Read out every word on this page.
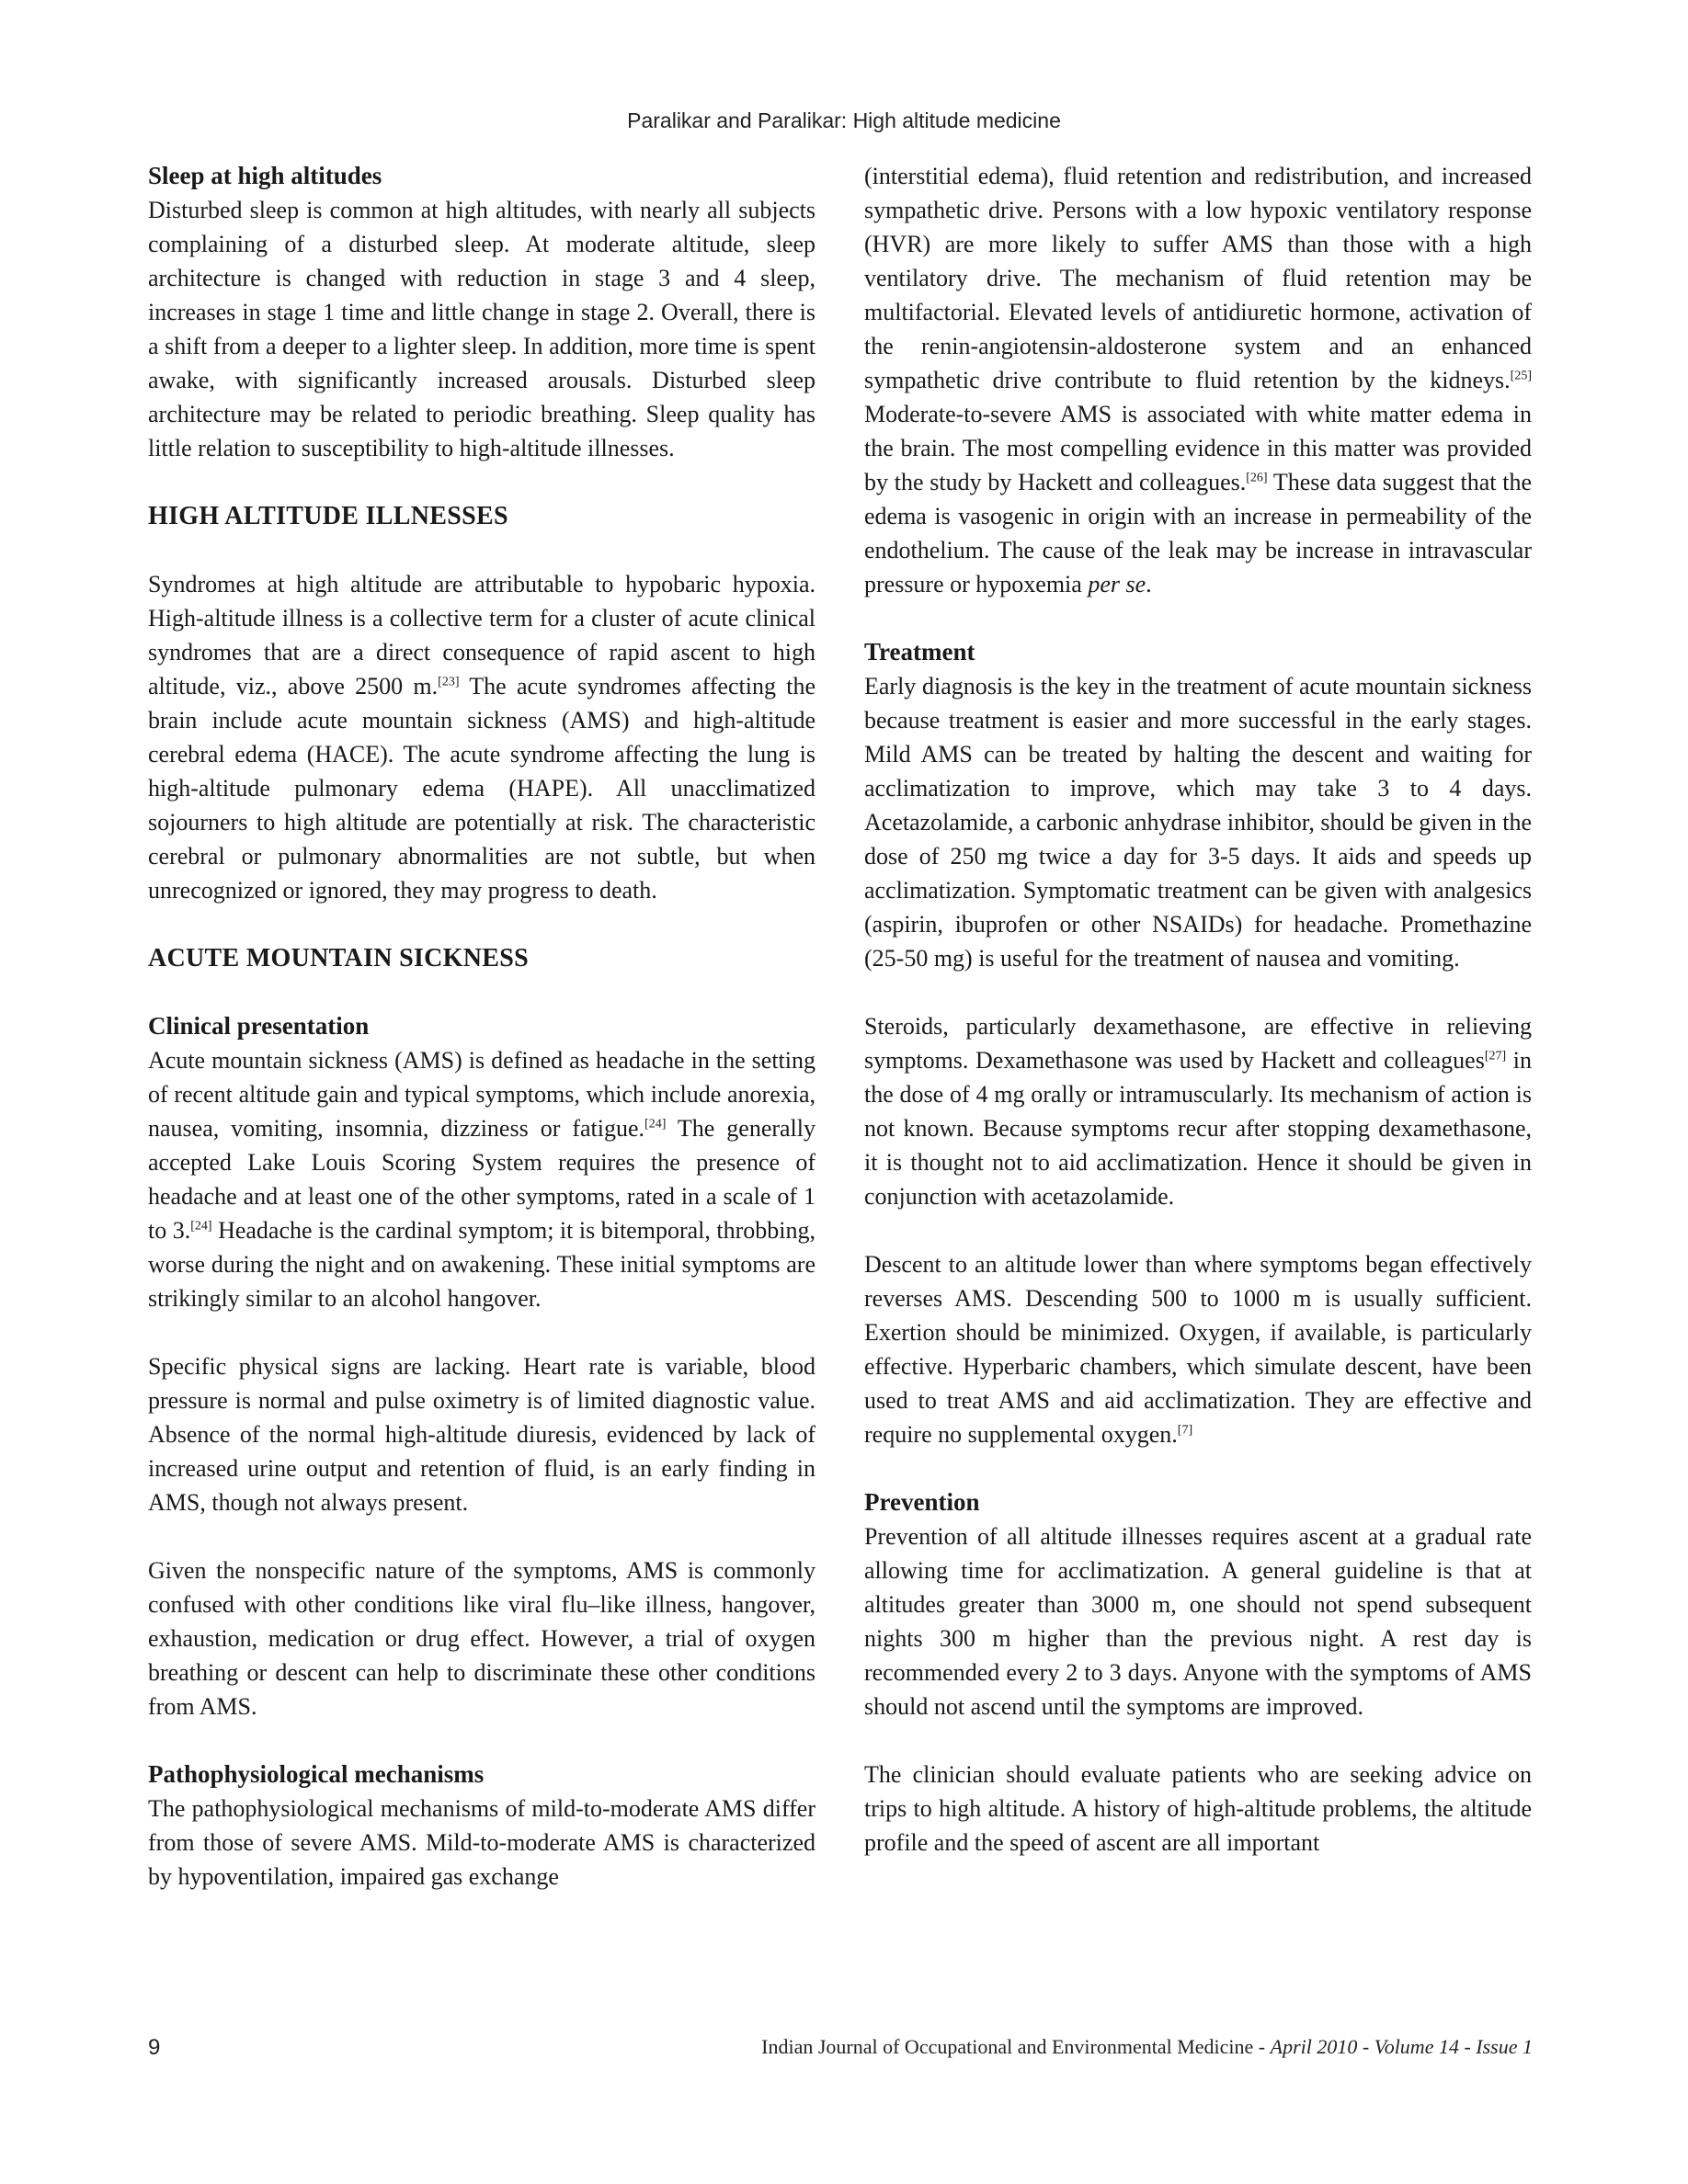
Paralikar and Paralikar: High altitude medicine
Sleep at high altitudes

Disturbed sleep is common at high altitudes, with nearly all subjects complaining of a disturbed sleep. At moderate altitude, sleep architecture is changed with reduction in stage 3 and 4 sleep, increases in stage 1 time and little change in stage 2. Overall, there is a shift from a deeper to a lighter sleep. In addition, more time is spent awake, with significantly increased arousals. Disturbed sleep architecture may be related to periodic breathing. Sleep quality has little relation to susceptibility to high-altitude illnesses.

HIGH ALTITUDE ILLNESSES

Syndromes at high altitude are attributable to hypobaric hypoxia. High-altitude illness is a collective term for a cluster of acute clinical syndromes that are a direct consequence of rapid ascent to high altitude, viz., above 2500 m.[23] The acute syndromes affecting the brain include acute mountain sickness (AMS) and high-altitude cerebral edema (HACE). The acute syndrome affecting the lung is high-altitude pulmonary edema (HAPE). All unacclimatized sojourners to high altitude are potentially at risk. The characteristic cerebral or pulmonary abnormalities are not subtle, but when unrecognized or ignored, they may progress to death.

ACUTE MOUNTAIN SICKNESS
Clinical presentation

Acute mountain sickness (AMS) is defined as headache in the setting of recent altitude gain and typical symptoms, which include anorexia, nausea, vomiting, insomnia, dizziness or fatigue.[24] The generally accepted Lake Louis Scoring System requires the presence of headache and at least one of the other symptoms, rated in a scale of 1 to 3.[24] Headache is the cardinal symptom; it is bitemporal, throbbing, worse during the night and on awakening. These initial symptoms are strikingly similar to an alcohol hangover.

Specific physical signs are lacking. Heart rate is variable, blood pressure is normal and pulse oximetry is of limited diagnostic value. Absence of the normal high-altitude diuresis, evidenced by lack of increased urine output and retention of fluid, is an early finding in AMS, though not always present.

Given the nonspecific nature of the symptoms, AMS is commonly confused with other conditions like viral flu–like illness, hangover, exhaustion, medication or drug effect. However, a trial of oxygen breathing or descent can help to discriminate these other conditions from AMS.

Pathophysiological mechanisms

The pathophysiological mechanisms of mild-to-moderate AMS differ from those of severe AMS. Mild-to-moderate AMS is characterized by hypoventilation, impaired gas exchange

(interstitial edema), fluid retention and redistribution, and increased sympathetic drive. Persons with a low hypoxic ventilatory response (HVR) are more likely to suffer AMS than those with a high ventilatory drive. The mechanism of fluid retention may be multifactorial. Elevated levels of antidiuretic hormone, activation of the renin-angiotensin-aldosterone system and an enhanced sympathetic drive contribute to fluid retention by the kidneys.[25] Moderate-to-severe AMS is associated with white matter edema in the brain. The most compelling evidence in this matter was provided by the study by Hackett and colleagues.[26] These data suggest that the edema is vasogenic in origin with an increase in permeability of the endothelium. The cause of the leak may be increase in intravascular pressure or hypoxemia per se.

Treatment

Early diagnosis is the key in the treatment of acute mountain sickness because treatment is easier and more successful in the early stages. Mild AMS can be treated by halting the descent and waiting for acclimatization to improve, which may take 3 to 4 days. Acetazolamide, a carbonic anhydrase inhibitor, should be given in the dose of 250 mg twice a day for 3-5 days. It aids and speeds up acclimatization. Symptomatic treatment can be given with analgesics (aspirin, ibuprofen or other NSAIDs) for headache. Promethazine (25-50 mg) is useful for the treatment of nausea and vomiting.

Steroids, particularly dexamethasone, are effective in relieving symptoms. Dexamethasone was used by Hackett and colleagues[27] in the dose of 4 mg orally or intramuscularly. Its mechanism of action is not known. Because symptoms recur after stopping dexamethasone, it is thought not to aid acclimatization. Hence it should be given in conjunction with acetazolamide.

Descent to an altitude lower than where symptoms began effectively reverses AMS. Descending 500 to 1000 m is usually sufficient. Exertion should be minimized. Oxygen, if available, is particularly effective. Hyperbaric chambers, which simulate descent, have been used to treat AMS and aid acclimatization. They are effective and require no supplemental oxygen.[7]

Prevention

Prevention of all altitude illnesses requires ascent at a gradual rate allowing time for acclimatization. A general guideline is that at altitudes greater than 3000 m, one should not spend subsequent nights 300 m higher than the previous night. A rest day is recommended every 2 to 3 days. Anyone with the symptoms of AMS should not ascend until the symptoms are improved.

The clinician should evaluate patients who are seeking advice on trips to high altitude. A history of high-altitude problems, the altitude profile and the speed of ascent are all important

9	Indian Journal of Occupational and Environmental Medicine - April 2010 - Volume 14 - Issue 1
